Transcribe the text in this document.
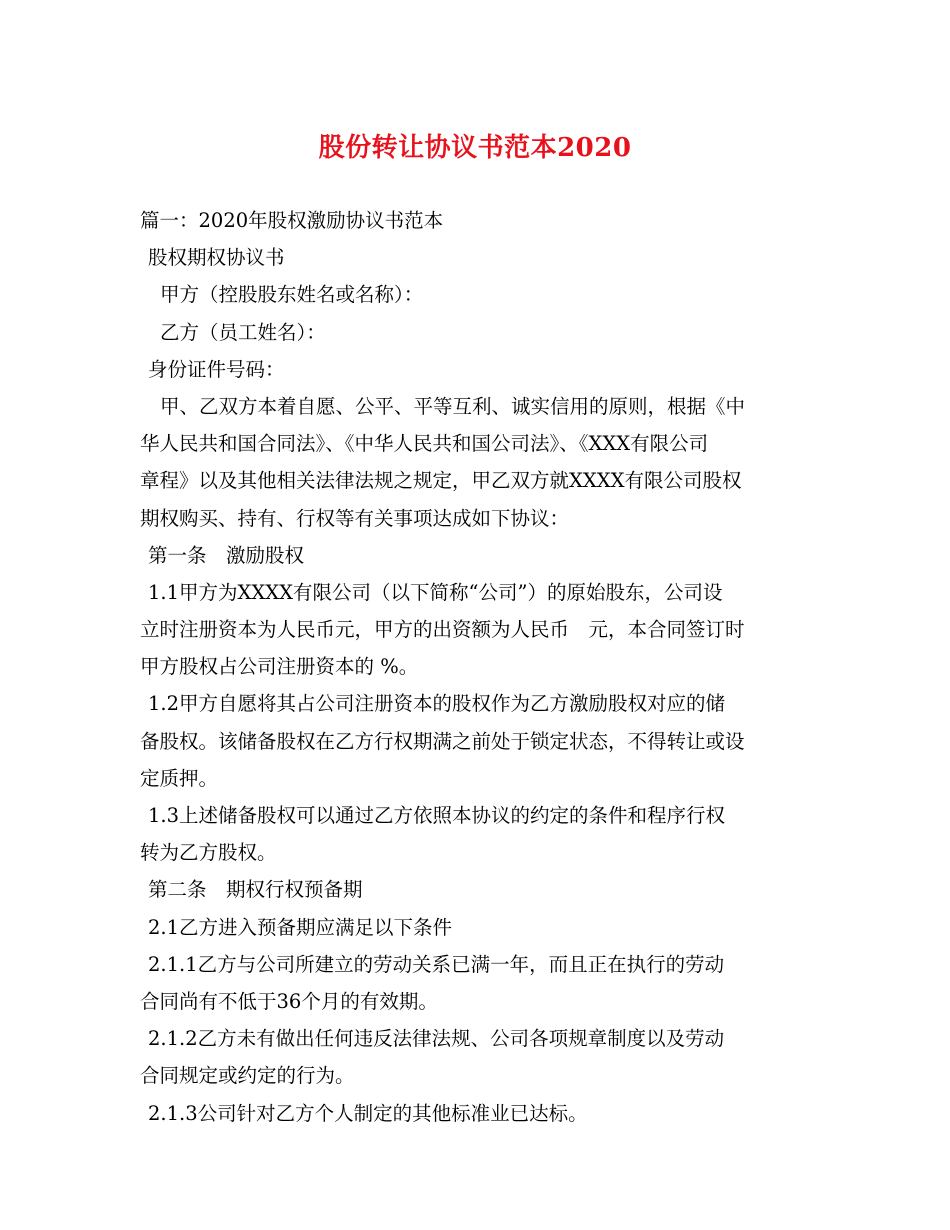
股份转让协议书范本2020
篇一：2020年股权激励协议书范本
股权期权协议书
甲方（控股股东姓名或名称）：
乙方（员工姓名）：
身份证件号码：
甲、乙双方本着自愿、公平、平等互利、诚实信用的原则，根据《中
华人民共和国合同法》、《中华人民共和国公司法》、《XXX有限公司
章程》以及其他相关法律法规之规定，甲乙双方就XXXX有限公司股权
期权购买、持有、行权等有关事项达成如下协议：
第一条　激励股权
1.1甲方为XXXX有限公司（以下简称“公司”）的原始股东，公司设
立时注册资本为人民币元，甲方的出资额为人民币　元，本合同签订时
甲方股权占公司注册资本的 %。
1.2甲方自愿将其占公司注册资本的股权作为乙方激励股权对应的储
备股权。该储备股权在乙方行权期满之前处于锁定状态，不得转让或设
定质押。
1.3上述储备股权可以通过乙方依照本协议的约定的条件和程序行权
转为乙方股权。
第二条　期权行权预备期
2.1乙方进入预备期应满足以下条件
2.1.1乙方与公司所建立的劳动关系已满一年，而且正在执行的劳动
合同尚有不低于36个月的有效期。
2.1.2乙方未有做出任何违反法律法规、公司各项规章制度以及劳动
合同规定或约定的行为。
2.1.3公司针对乙方个人制定的其他标准业已达标。
